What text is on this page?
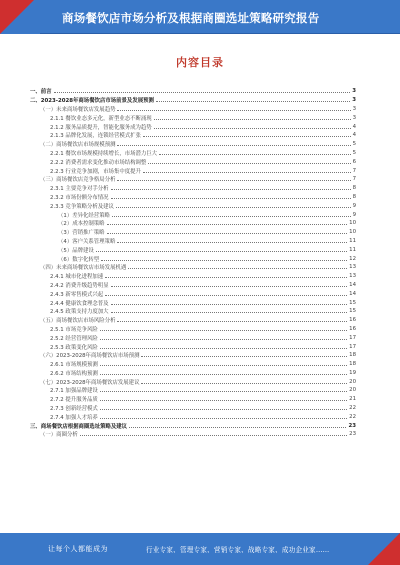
商场餐饮店市场分析及根据商圈选址策略研究报告
内容目录
一、前言	3
二、2023-2028年商场餐饮店市场前景及发展预测	3
（一）未来商场餐饮店发展趋势	3
2.1.1 餐饮业态多元化，新型业态不断涌现	3
2.1.2 服务品质提升，智能化服务成为趋势	4
2.1.3 品牌化发展，连锁经营模式扩张	4
（二）商场餐饮店市场规模预测	5
2.2.1 餐饮市场规模持续增长，市场潜力巨大	5
2.2.2 消费者需求变化推动市场结构调整	6
2.2.3 行业竞争加剧，市场集中度提升	7
（三）商场餐饮店竞争格局分析	7
2.3.1 主要竞争对手分析	8
2.3.2 市场份额分布情况	8
2.3.3 竞争策略分析及建议	9
（1）差异化经营策略	9
（2）成本控制策略	10
（3）营销推广策略	10
（4）客户关系管理策略	11
（5）品牌建设	11
（6）数字化转型	12
（四）未来商场餐饮店市场发展机遇	13
2.4.1 城市化进程加速	13
2.4.2 消费升级趋势明显	14
2.4.3 新零售模式兴起	14
2.4.4 健康饮食理念普及	15
2.4.5 政策支持力度加大	15
（五）商场餐饮店市场风险分析	16
2.5.1 市场竞争风险	16
2.5.2 经营管理风险	17
2.5.3 政策变化风险	17
（六）2023-2028年商场餐饮店市场预测	18
2.6.1 市场规模预测	18
2.6.2 市场结构预测	19
（七）2023-2028年商场餐饮店发展建议	20
2.7.1 加强品牌建设	20
2.7.2 提升服务品质	21
2.7.3 创新经营模式	22
2.7.4 加强人才培养	22
三、商场餐饮店根据商圈选址策略及建议	23
（一）商圈分析	23
让每个人都能成为	行业专家、管理专家、营销专家、战略专家、成功企业家……
